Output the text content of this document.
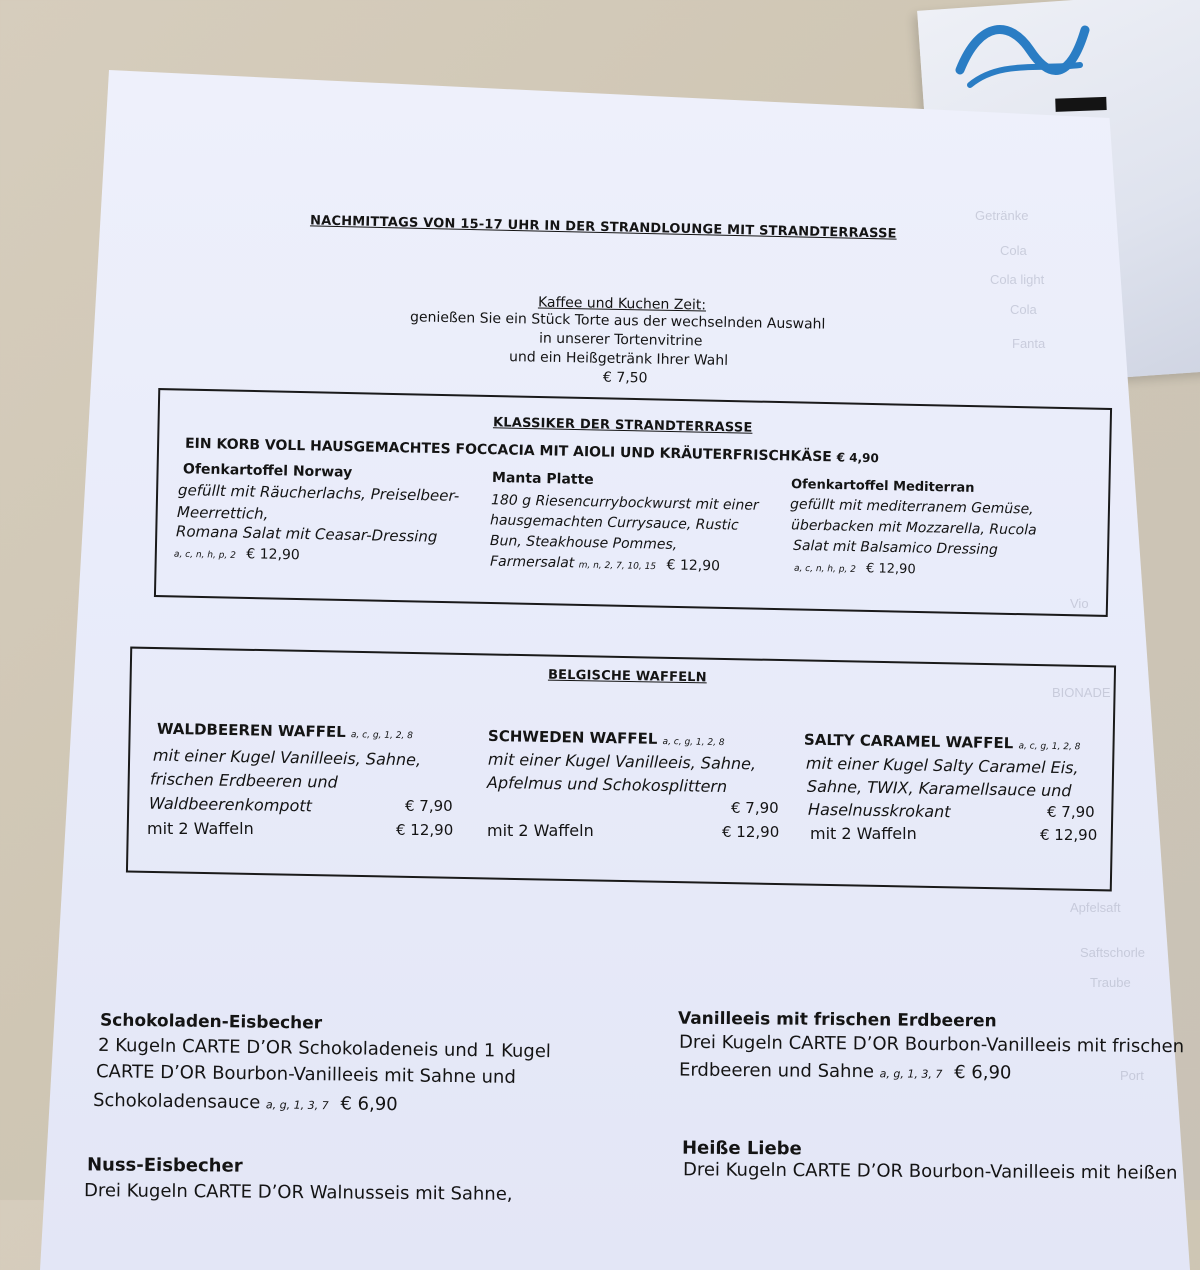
Getränke
Cola
Cola light
Cola
Fanta
Vio
BIONADE
Apfelsaft
Saftschorle
Traube
Port
NACHMITTAGS VON 15-17 UHR IN DER STRANDLOUNGE MIT STRANDTERRASSE
Kaffee und Kuchen Zeit:
genießen Sie ein Stück Torte aus der wechselnden Auswahl
in unserer Tortenvitrine
und ein Heißgetränk Ihrer Wahl
€ 7,50
KLASSIKER DER STRANDTERRASSE
EIN KORB VOLL HAUSGEMACHTES FOCCACIA MIT AIOLI UND KRÄUTERFRISCHKÄSE € 4,90
Ofenkartoffel Norway
gefüllt mit Räucherlachs, Preiselbeer-
Meerrettich,
Romana Salat mit Ceasar-Dressing
a, c, n, h, p, 2 € 12,90
Manta Platte
180 g Riesencurrybockwurst mit einer
hausgemachten Currysauce, Rustic
Bun, Steakhouse Pommes,
Farmersalat m, n, 2, 7, 10, 15 € 12,90
Ofenkartoffel Mediterran
gefüllt mit mediterranem Gemüse,
überbacken mit Mozzarella, Rucola
Salat mit Balsamico Dressing
a, c, n, h, p, 2 € 12,90
BELGISCHE WAFFELN
WALDBEEREN WAFFEL a, c, g, 1, 2, 8
mit einer Kugel Vanilleeis, Sahne,
frischen Erdbeeren und
Waldbeerenkompott	€ 7,90
mit 2 Waffeln	€ 12,90
SCHWEDEN WAFFEL a, c, g, 1, 2, 8
mit einer Kugel Vanilleeis, Sahne,
Apfelmus und Schokosplittern
€ 7,90
mit 2 Waffeln	€ 12,90
SALTY CARAMEL WAFFEL a, c, g, 1, 2, 8
mit einer Kugel Salty Caramel Eis,
Sahne, TWIX, Karamellsauce und
Haselnusskrokant	€ 7,90
mit 2 Waffeln	€ 12,90
Schokoladen-Eisbecher
2 Kugeln CARTE D’OR Schokoladeneis und 1 Kugel
CARTE D’OR Bourbon-Vanilleeis mit Sahne und
Schokoladensauce a, g, 1, 3, 7 € 6,90
Vanilleeis mit frischen Erdbeeren
Drei Kugeln CARTE D’OR Bourbon-Vanilleeis mit frischen
Erdbeeren und Sahne a, g, 1, 3, 7 € 6,90
Nuss-Eisbecher
Drei Kugeln CARTE D’OR Walnusseis mit Sahne,
Heiße Liebe
Drei Kugeln CARTE D’OR Bourbon-Vanilleeis mit heißen
